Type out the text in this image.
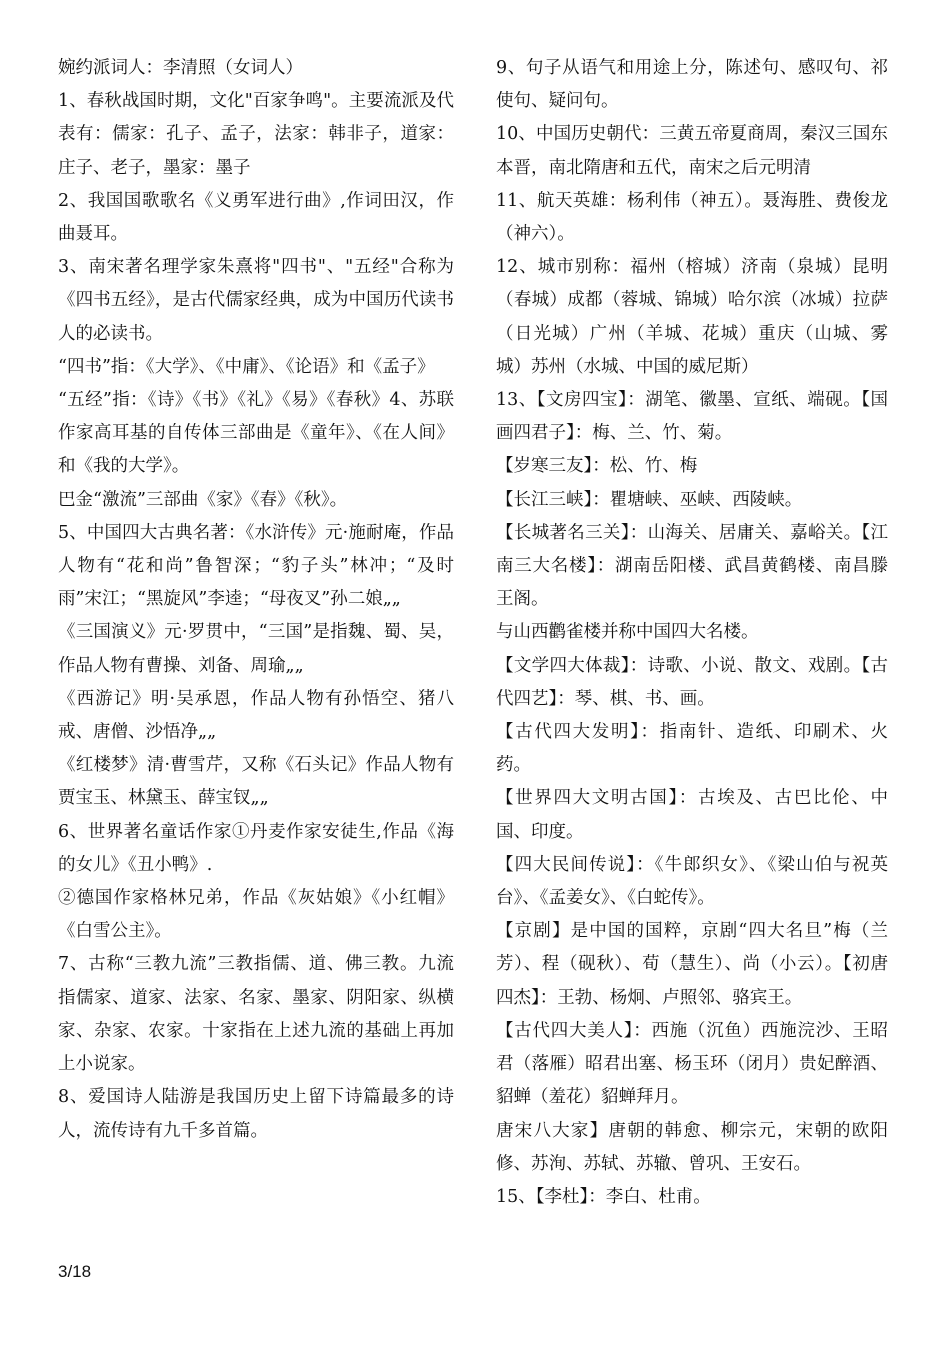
婉约派词人：李清照（女词人）

1、春秋战国时期，文化"百家争鸣"。主要流派及代表有：儒家：孔子、孟子，法家：韩非子，道家：庄子、老子，墨家：墨子

2、我国国歌歌名《义勇军进行曲》,作词田汉，作曲聂耳。

3、南宋著名理学家朱熹将"四书"、"五经"合称为《四书五经》，是古代儒家经典，成为中国历代读书人的必读书。

“四书”指：《大学》、《中庸》、《论语》和《孟子》

“五经”指：《诗》《书》《礼》《易》《春秋》4、苏联作家高耳基的自传体三部曲是《童年》、《在人间》和《我的大学》。

巴金“激流”三部曲《家》《春》《秋》。

5、中国四大古典名著：《水浒传》元·施耐庵，作品人物有“花和尚”鲁智深；“豹子头”林冲；“及时雨”宋江；“黑旋风”李逵；“母夜叉”孙二娘„„

《三国演义》元·罗贯中，“三国”是指魏、蜀、吴，作品人物有曹操、刘备、周瑜„„

《西游记》明·吴承恩，作品人物有孙悟空、猪八戒、唐僧、沙悟净„„

《红楼梦》清·曹雪芹，又称《石头记》作品人物有贾宝玉、林黛玉、薛宝钗„„

6、世界著名童话作家①丹麦作家安徒生,作品《海的女儿》《丑小鸭》.

②德国作家格林兄弟，作品《灰姑娘》《小红帽》《白雪公主》。

7、古称“三教九流”三教指儒、道、佛三教。九流指儒家、道家、法家、名家、墨家、阴阳家、纵横家、杂家、农家。十家指在上述九流的基础上再加上小说家。

8、爱国诗人陆游是我国历史上留下诗篇最多的诗人，流传诗有九千多首篇。

9、句子从语气和用途上分，陈述句、感叹句、祁使句、疑问句。

10、中国历史朝代：三黄五帝夏商周，秦汉三国东本晋，南北隋唐和五代，南宋之后元明清

11、航天英雄：杨利伟（神五）。聂海胜、费俊龙（神六）。

12、城市别称：福州（榕城）济南（泉城）昆明（春城）成都（蓉城、锦城）哈尔滨（冰城）拉萨（日光城）广州（羊城、花城）重庆（山城、雾城）苏州（水城、中国的威尼斯）

13、【文房四宝】：湖笔、徽墨、宣纸、端砚。【国画四君子】：梅、兰、竹、菊。

【岁寒三友】：松、竹、梅

【长江三峡】：瞿塘峡、巫峡、西陵峡。

【长城著名三关】：山海关、居庸关、嘉峪关。【江南三大名楼】：湖南岳阳楼、武昌黄鹤楼、南昌滕王阁。

与山西鹳雀楼并称中国四大名楼。

【文学四大体裁】：诗歌、小说、散文、戏剧。【古代四艺】：琴、棋、书、画。

【古代四大发明】：指南针、造纸、印刷术、火药。

【世界四大文明古国】：古埃及、古巴比伦、中国、印度。

【四大民间传说】：《牛郎织女》、《梁山伯与祝英台》、《孟姜女》、《白蛇传》。

【京剧】是中国的国粹，京剧“四大名旦”梅（兰芳）、程（砚秋）、荀（慧生）、尚（小云）。【初唐四杰】：王勃、杨炯、卢照邻、骆宾王。

【古代四大美人】：西施（沉鱼）西施浣沙、王昭君（落雁）昭君出塞、杨玉环（闭月）贵妃醉酒、貂蝉（羞花）貂蝉拜月。

唐宋八大家】唐朝的韩愈、柳宗元，宋朝的欧阳修、苏洵、苏轼、苏辙、曾巩、王安石。

15、【李杜】：李白、杜甫。

3/18
